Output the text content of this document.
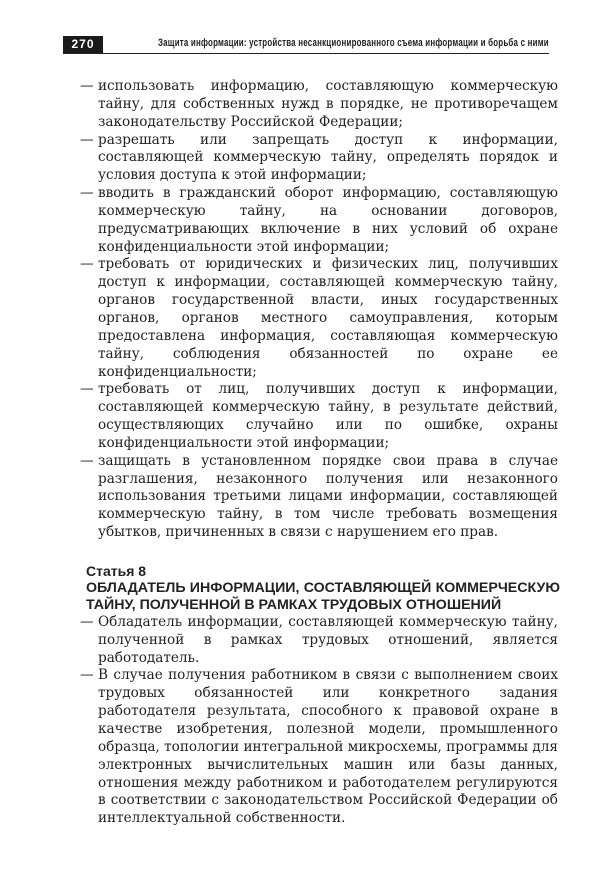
270	Защита информации: устройства несанкционированного съема информации и борьба с ними

— использовать информацию, составляющую коммерческую тайну, для собственных нужд в порядке, не противоречащем законодательству Российской Федерации;

— разрешать или запрещать доступ к информации, составляющей коммерческую тайну, определять порядок и условия доступа к этой информации;

— вводить в гражданский оборот информацию, составляющую коммерческую тайну, на основании договоров, предусматривающих включение в них условий об охране конфиденциальности этой информации;

— требовать от юридических и физических лиц, получивших доступ к информации, составляющей коммерческую тайну, органов государственной власти, иных государственных органов, органов местного самоуправления, которым предоставлена информация, составляющая коммерческую тайну, соблюдения обязанностей по охране ее конфиденциальности;

— требовать от лиц, получивших доступ к информации, составляющей коммерческую тайну, в результате действий, осуществляющих случайно или по ошибке, охраны конфиденциальности этой информации;

— защищать в установленном порядке свои права в случае разглашения, незаконного получения или незаконного использования третьими лицами информации, составляющей коммерческую тайну, в том числе требовать возмещения убытков, причиненных в связи с нарушением его прав.

Статья 8
ОБЛАДАТЕЛЬ ИНФОРМАЦИИ, СОСТАВЛЯЮЩЕЙ КОММЕРЧЕСКУЮ ТАЙНУ, ПОЛУЧЕННОЙ В РАМКАХ ТРУДОВЫХ ОТНОШЕНИЙ

— Обладатель информации, составляющей коммерческую тайну, полученной в рамках трудовых отношений, является работодатель.

— В случае получения работником в связи с выполнением своих трудовых обязанностей или конкретного задания работодателя результата, способного к правовой охране в качестве изобретения, полезной модели, промышленного образца, топологии интегральной микросхемы, программы для электронных вычислительных машин или базы данных, отношения между работником и работодателем регулируются в соответствии с законодательством Российской Федерации об интеллектуальной собственности.
